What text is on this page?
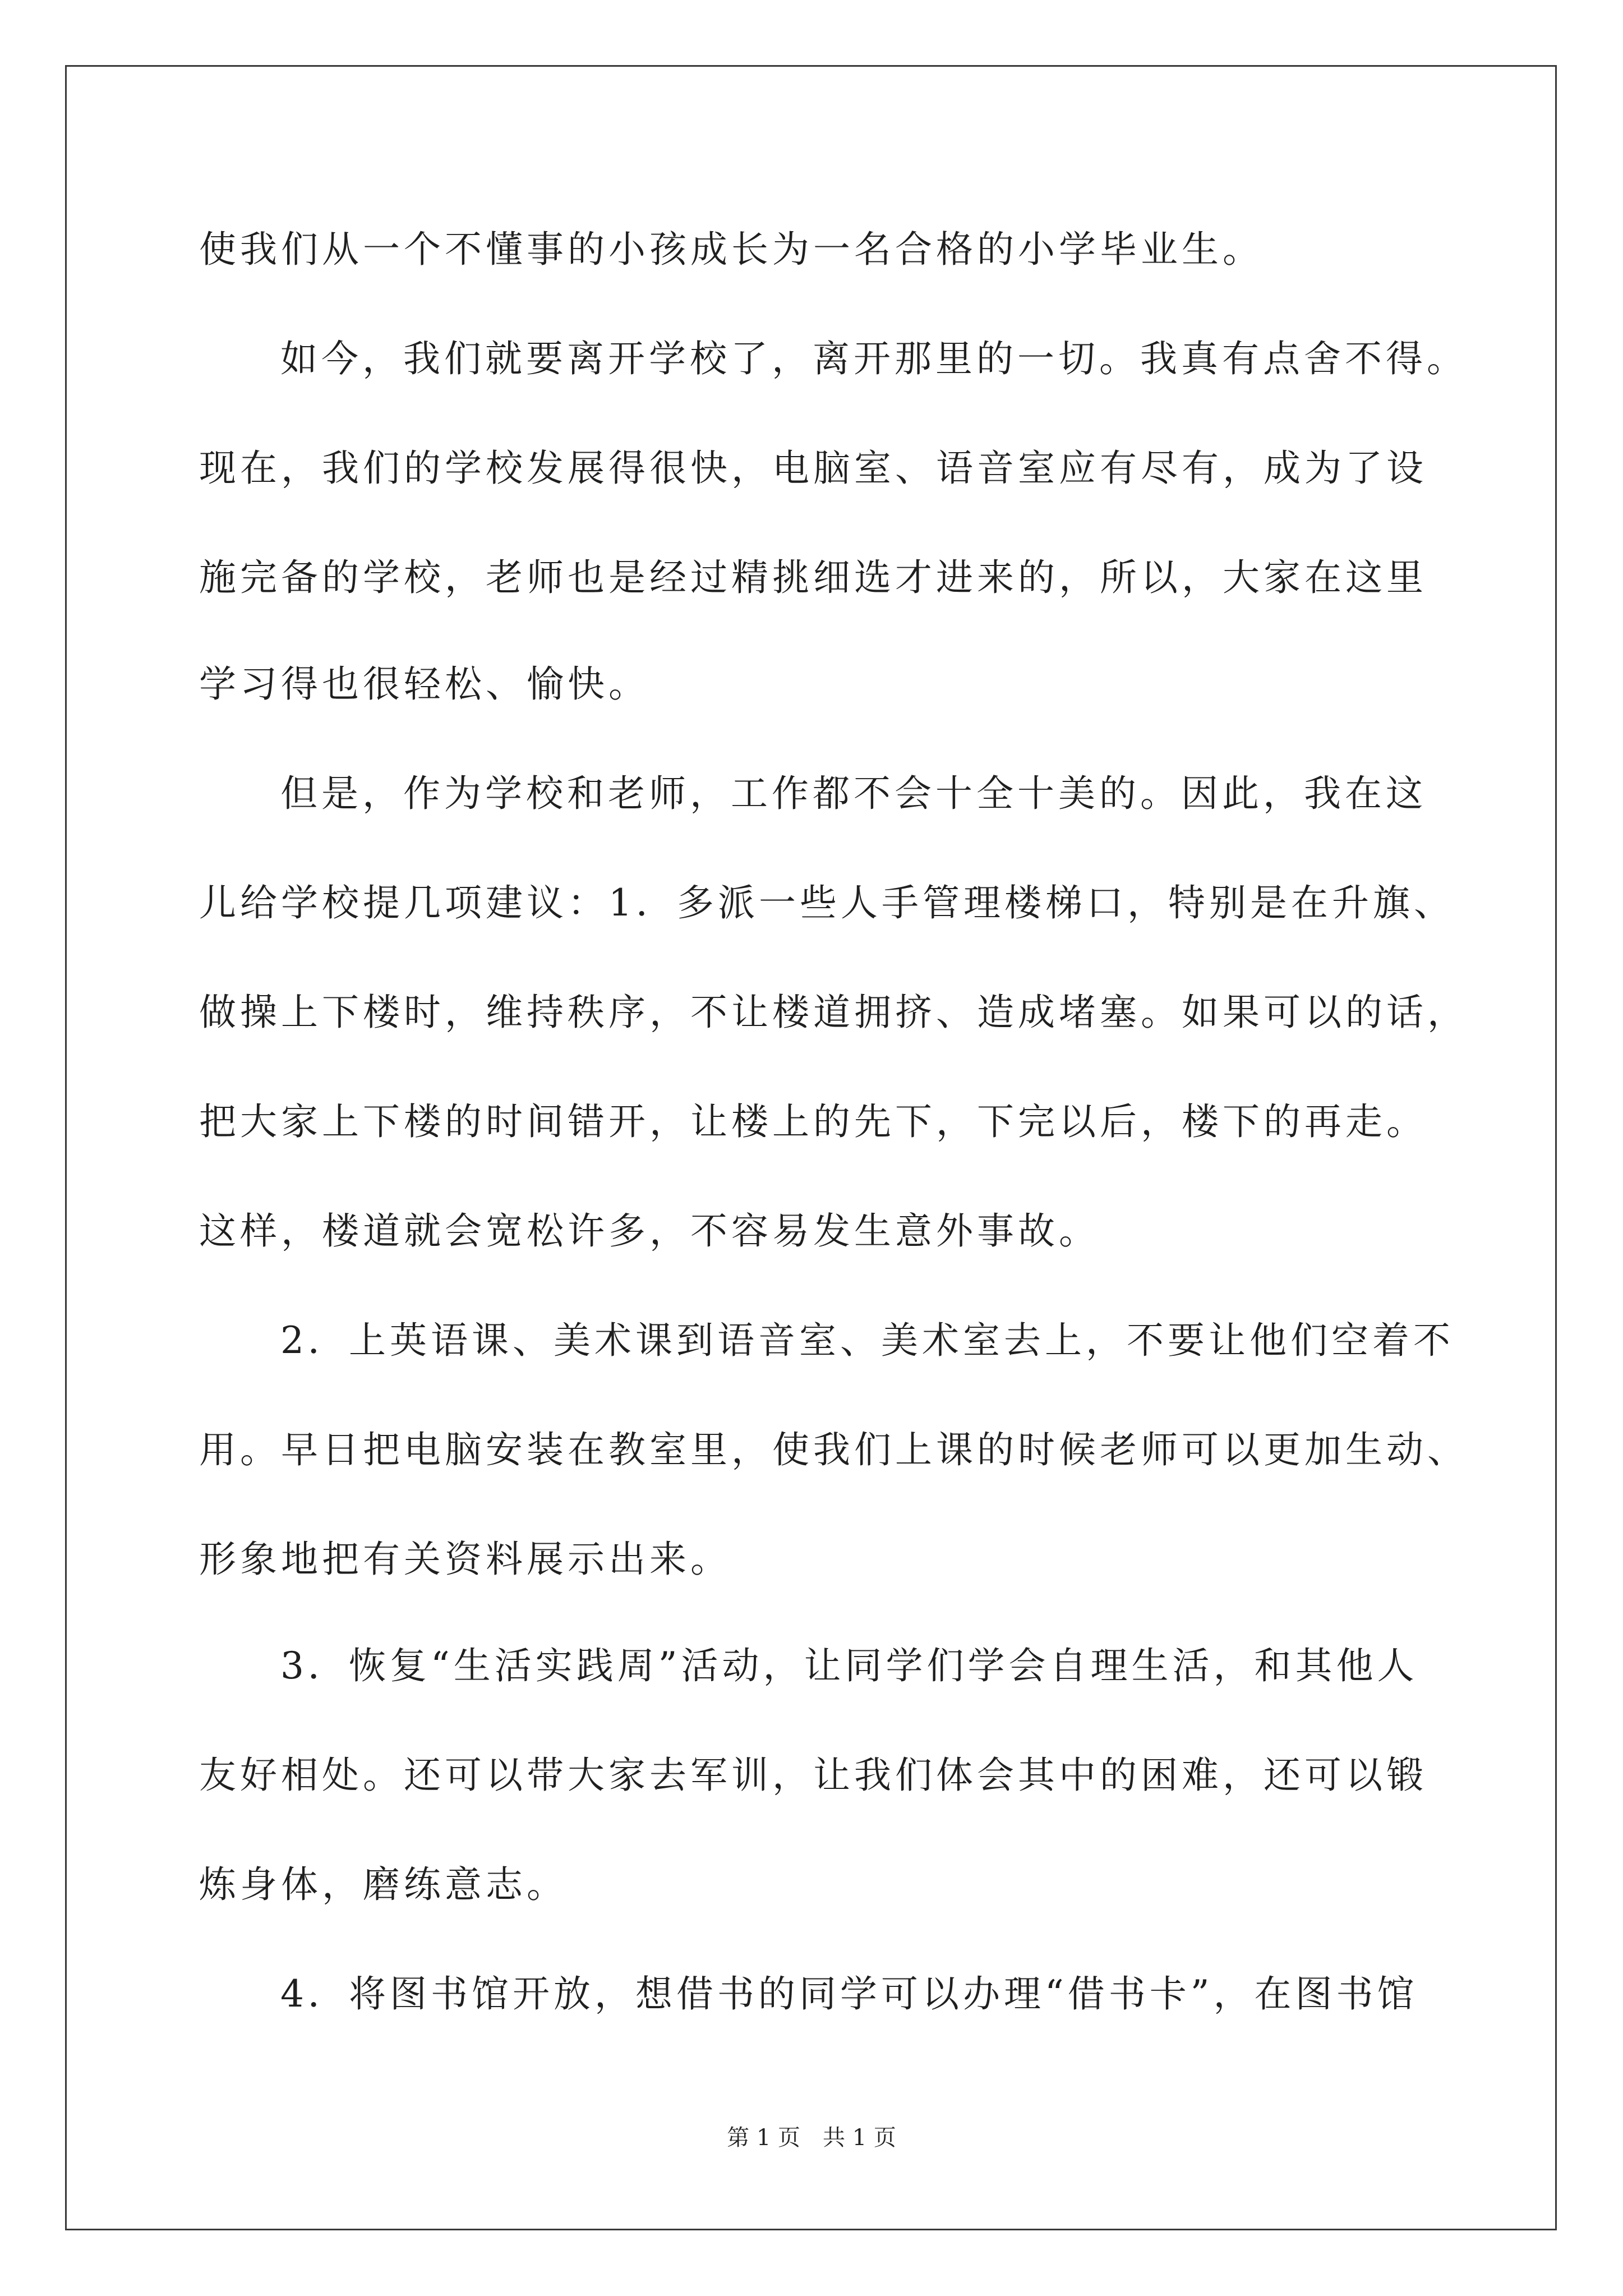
使我们从一个不懂事的小孩成长为一名合格的小学毕业生。

如今，我们就要离开学校了，离开那里的一切。我真有点舍不得。

现在，我们的学校发展得很快，电脑室、语音室应有尽有，成为了设

施完备的学校，老师也是经过精挑细选才进来的，所以，大家在这里

学习得也很轻松、愉快。

但是，作为学校和老师，工作都不会十全十美的。因此，我在这

儿给学校提几项建议：1．多派一些人手管理楼梯口，特别是在升旗、

做操上下楼时，维持秩序，不让楼道拥挤、造成堵塞。如果可以的话，

把大家上下楼的时间错开，让楼上的先下，下完以后，楼下的再走。

这样，楼道就会宽松许多，不容易发生意外事故。

2．上英语课、美术课到语音室、美术室去上，不要让他们空着不

用。早日把电脑安装在教室里，使我们上课的时候老师可以更加生动、

形象地把有关资料展示出来。

3．恢复“生活实践周”活动，让同学们学会自理生活，和其他人

友好相处。还可以带大家去军训，让我们体会其中的困难，还可以锻

炼身体，磨练意志。

4．将图书馆开放，想借书的同学可以办理“借书卡”，在图书馆

第 1 页 共 1 页
